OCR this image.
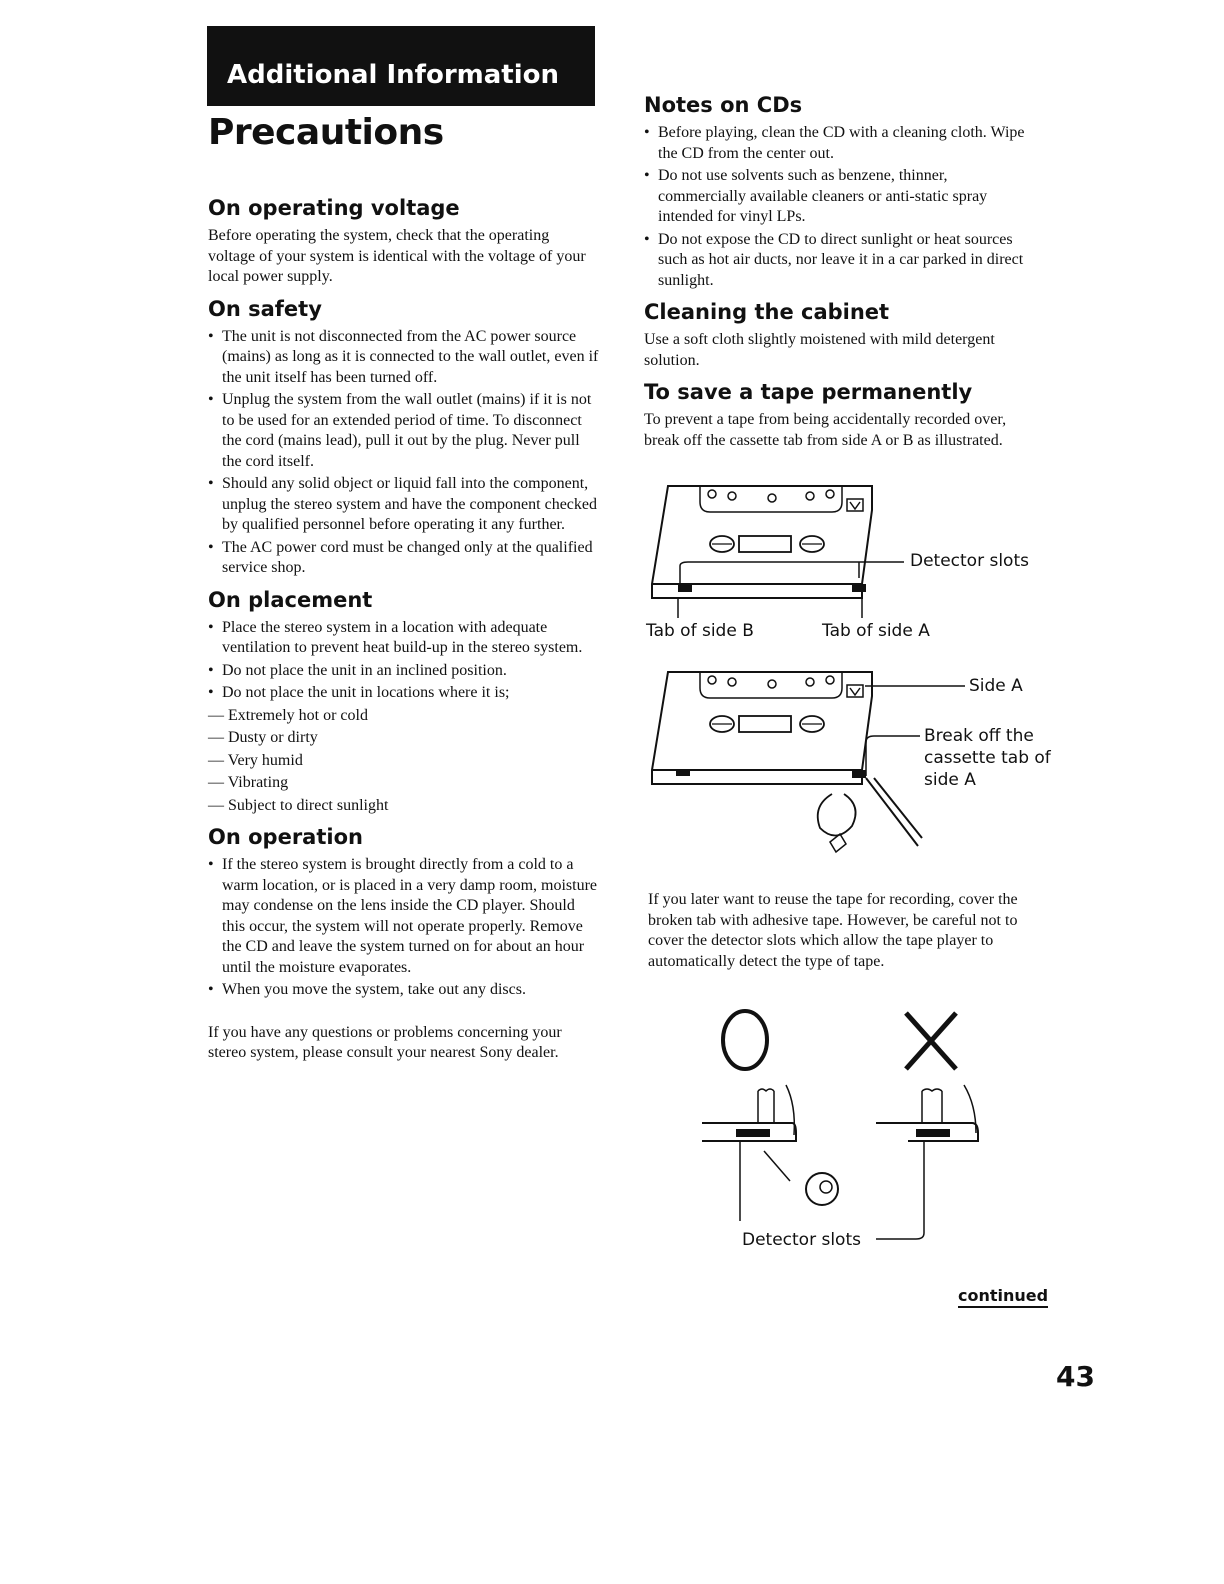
Additional Information
Precautions
On operating voltage

Before operating the system, check that the operating voltage of your system is identical with the voltage of your local power supply.

On safety
• The unit is not disconnected from the AC power source (mains) as long as it is connected to the wall outlet, even if the unit itself has been turned off.
• Unplug the system from the wall outlet (mains) if it is not to be used for an extended period of time. To disconnect the cord (mains lead), pull it out by the plug. Never pull the cord itself.
• Should any solid object or liquid fall into the component, unplug the stereo system and have the component checked by qualified personnel before operating it any further.
• The AC power cord must be changed only at the qualified service shop.
On placement
• Place the stereo system in a location with adequate ventilation to prevent heat build-up in the stereo system.
• Do not place the unit in an inclined position.
• Do not place the unit in locations where it is;
— Extremely hot or cold
— Dusty or dirty
— Very humid
— Vibrating
— Subject to direct sunlight
On operation
• If the stereo system is brought directly from a cold to a warm location, or is placed in a very damp room, moisture may condense on the lens inside the CD player. Should this occur, the system will not operate properly. Remove the CD and leave the system turned on for about an hour until the moisture evaporates.
• When you move the system, take out any discs.

If you have any questions or problems concerning your stereo system, please consult your nearest Sony dealer.

Notes on CDs
• Before playing, clean the CD with a cleaning cloth. Wipe the CD from the center out.
• Do not use solvents such as benzene, thinner, commercially available cleaners or anti-static spray intended for vinyl LPs.
• Do not expose the CD to direct sunlight or heat sources such as hot air ducts, nor leave it in a car parked in direct sunlight.
Cleaning the cabinet

Use a soft cloth slightly moistened with mild detergent solution.

To save a tape permanently

To prevent a tape from being accidentally recorded over, break off the cassette tab from side A or B as illustrated.

Detector slots
Tab of side B	Tab of side A
Side A
Break off the
cassette tab of
side A

If you later want to reuse the tape for recording, cover the broken tab with adhesive tape. However, be careful not to cover the detector slots which allow the tape player to automatically detect the type of tape.

Detector slots
continued
43
